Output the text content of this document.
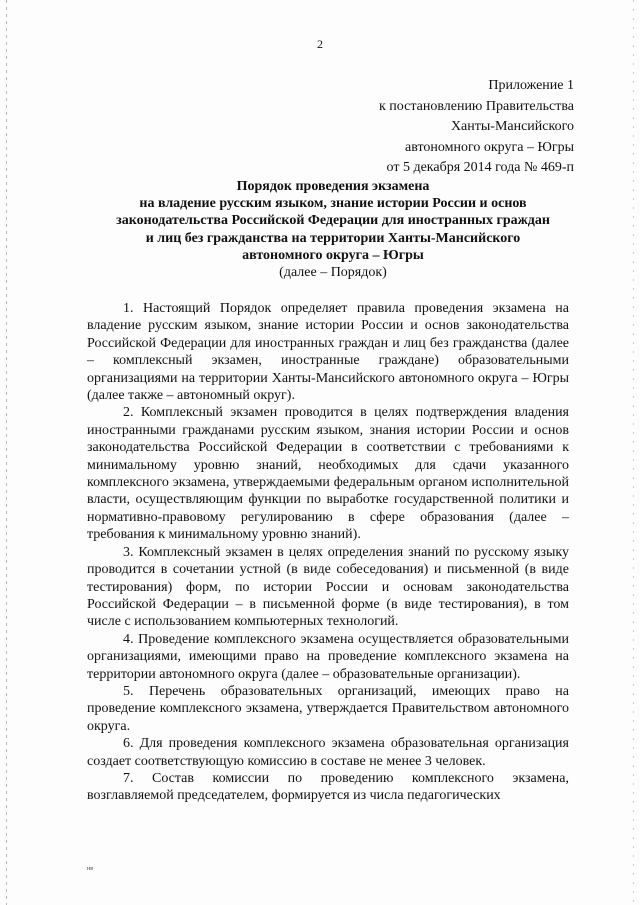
2
Приложение 1
к постановлению Правительства
Ханты-Мансийского
автономного округа – Югры
от 5 декабря 2014 года № 469-п
Порядок проведения экзамена
на владение русским языком, знание истории России и основ
законодательства Российской Федерации для иностранных граждан
и лиц без гражданства на территории Ханты-Мансийского
автономного округа – Югры
(далее – Порядок)

1. Настоящий Порядок определяет правила проведения экзамена на владение русским языком, знание истории России и основ законодательства Российской Федерации для иностранных граждан и лиц без гражданства (далее – комплексный экзамен, иностранные граждане) образовательными организациями на территории Ханты-Мансийского автономного округа – Югры (далее также – автономный округ).

2. Комплексный экзамен проводится в целях подтверждения владения иностранными гражданами русским языком, знания истории России и основ законодательства Российской Федерации в соответствии с требованиями к минимальному уровню знаний, необходимых для сдачи указанного комплексного экзамена, утверждаемыми федеральным органом исполнительной власти, осуществляющим функции по выработке государственной политики и нормативно-правовому регулированию в сфере образования (далее – требования к минимальному уровню знаний).

3. Комплексный экзамен в целях определения знаний по русскому языку проводится в сочетании устной (в виде собеседования) и письменной (в виде тестирования) форм, по истории России и основам законодательства Российской Федерации – в письменной форме (в виде тестирования), в том числе с использованием компьютерных технологий.

4. Проведение комплексного экзамена осуществляется образовательными организациями, имеющими право на проведение комплексного экзамена на территории автономного округа (далее – образовательные организации).

5. Перечень образовательных организаций, имеющих право на проведение комплексного экзамена, утверждается Правительством автономного округа.

6. Для проведения комплексного экзамена образовательная организация создает соответствующую комиссию в составе не менее 3 человек.

7. Состав комиссии по проведению комплексного экзамена, возглавляемой председателем, формируется из числа педагогических

нв
